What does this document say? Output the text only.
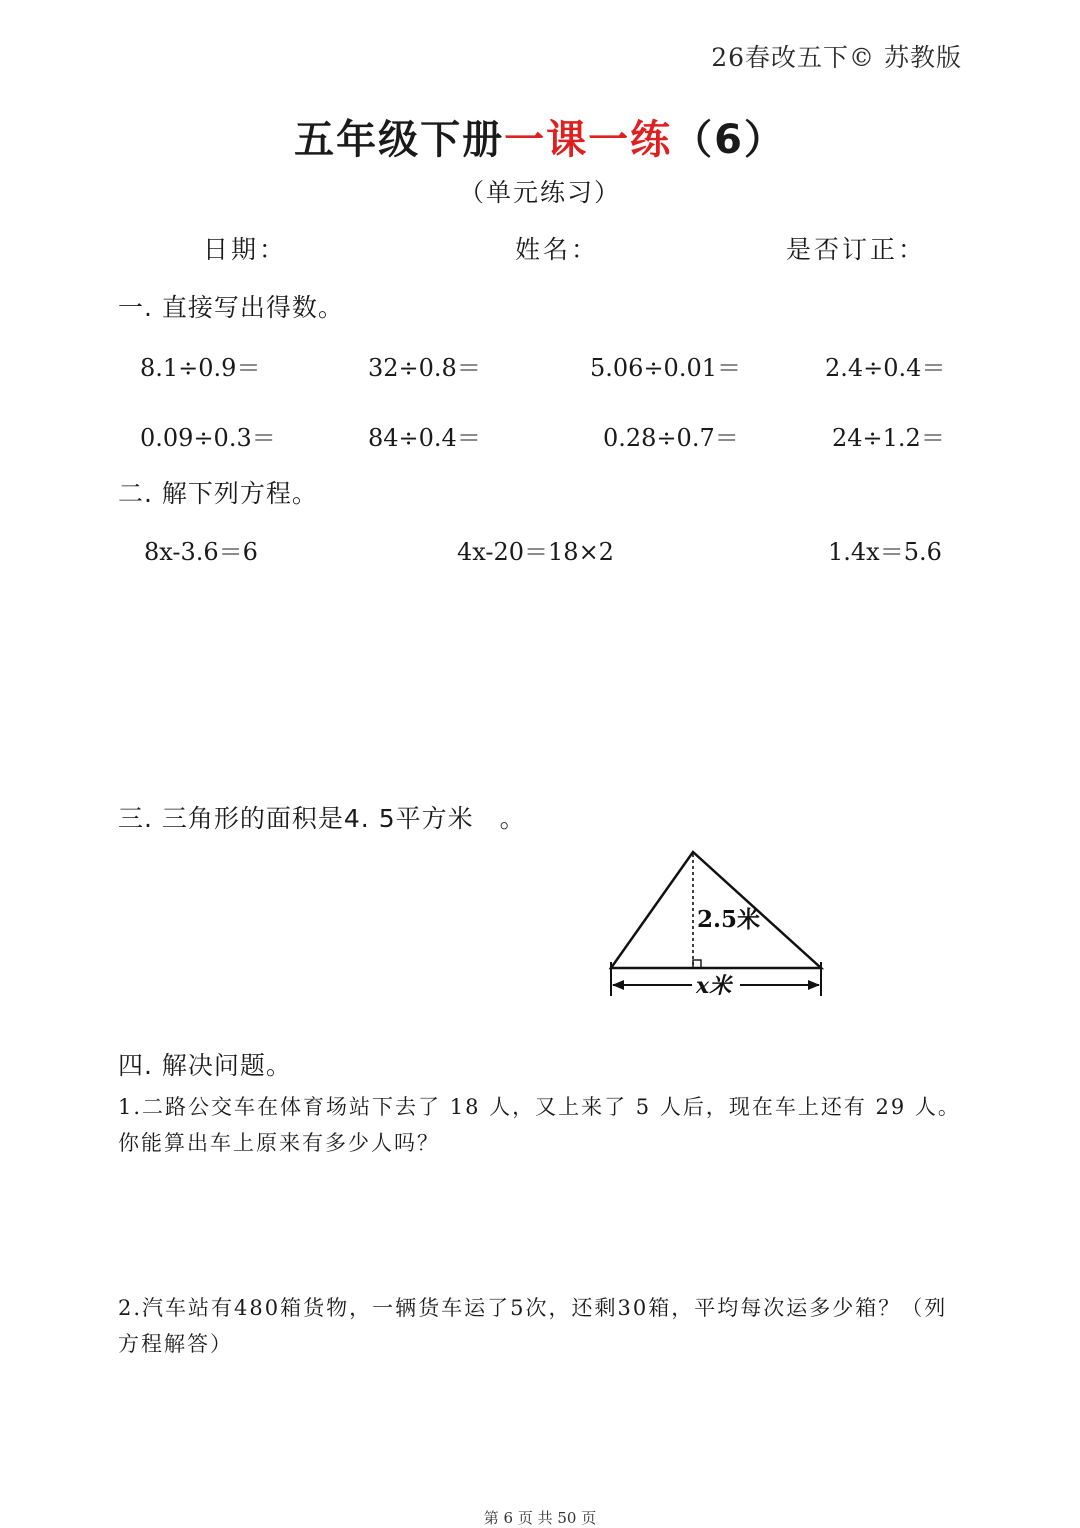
26春改五下© 苏教版
五年级下册一课一练（6）
（单元练习）
日期：	姓名：	是否订正：
一. 直接写出得数。
8.1÷0.9＝	32÷0.8＝	5.06÷0.01＝	2.4÷0.4＝
0.09÷0.3＝	84÷0.4＝	0.28÷0.7＝	24÷1.2＝
二. 解下列方程。
8x-3.6＝6	4x-20＝18×2	1.4x＝5.6
三. 三角形的面积是4. 5平方米　。
2.5米
x米
四. 解决问题。
1.二路公交车在体育场站下去了 18 人，又上来了 5 人后，现在车上还有 29 人。
你能算出车上原来有多少人吗？
2.汽车站有480箱货物，一辆货车运了5次，还剩30箱，平均每次运多少箱？（列
方程解答）
第 6 页 共 50 页
